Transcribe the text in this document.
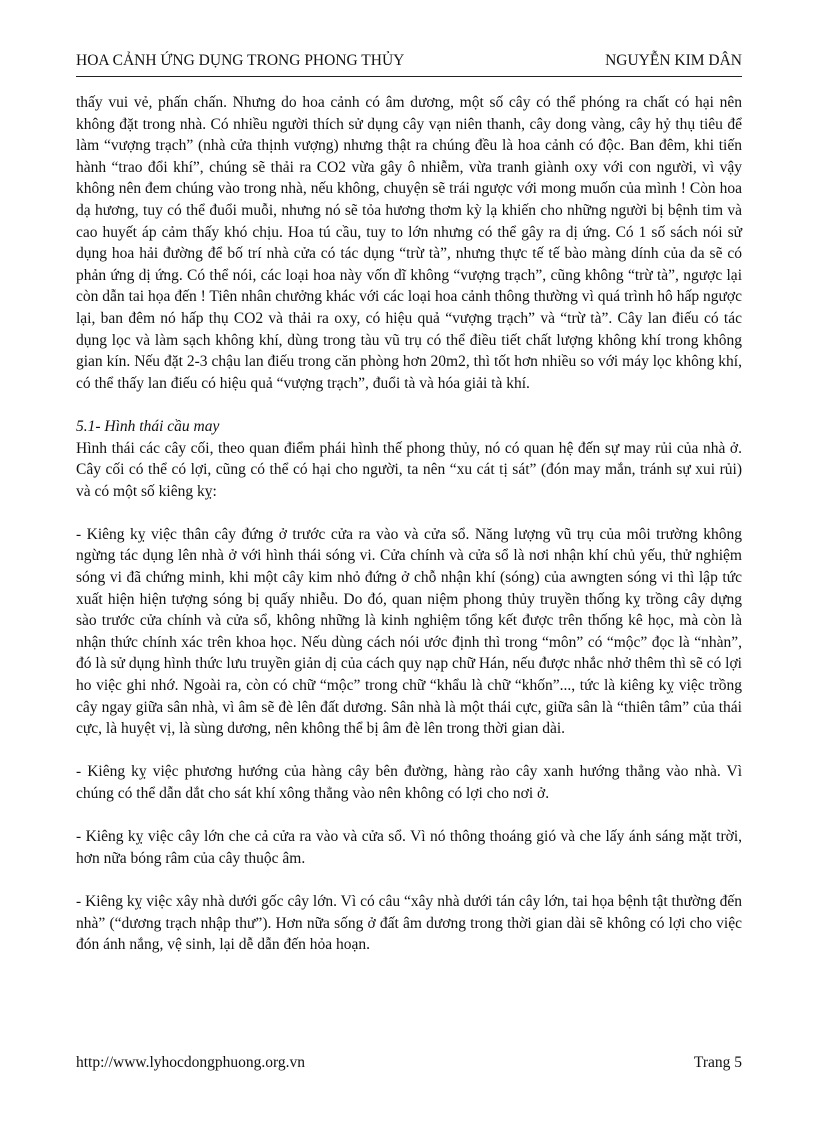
HOA CẢNH ỨNG DỤNG TRONG PHONG THỦY	NGUYỄN KIM DÂN

thấy vui vẻ, phấn chấn. Nhưng do hoa cảnh có âm dương, một số cây có thể phóng ra chất có hại nên không đặt trong nhà. Có nhiều người thích sử dụng cây vạn niên thanh, cây dong vàng, cây hỷ thụ tiêu để làm “vượng trạch” (nhà cửa thịnh vượng) nhưng thật ra chúng đều là hoa cảnh có độc. Ban đêm, khi tiến hành “trao đổi khí”, chúng sẽ thải ra CO2 vừa gây ô nhiễm, vừa tranh giành oxy với con người, vì vậy không nên đem chúng vào trong nhà, nếu không, chuyện sẽ trái ngược với mong muốn của mình ! Còn hoa dạ hương, tuy có thể đuổi muỗi, nhưng nó sẽ tỏa hương thơm kỳ lạ khiến cho những người bị bệnh tim và cao huyết áp cảm thấy khó chịu. Hoa tú cầu, tuy to lớn nhưng có thể gây ra dị ứng. Có 1 số sách nói sử dụng hoa hải đường để bố trí nhà cửa có tác dụng “trừ tà”, nhưng thực tế tế bào màng dính của da sẽ có phản ứng dị ứng. Có thể nói, các loại hoa này vốn dĩ không “vượng trạch”, cũng không “trừ tà”, ngược lại còn dẫn tai họa đến ! Tiên nhân chưởng khác với các loại hoa cảnh thông thường vì quá trình hô hấp ngược lại, ban đêm nó hấp thụ CO2 và thải ra oxy, có hiệu quả “vượng trạch” và “trừ tà”. Cây lan điếu có tác dụng lọc và làm sạch không khí, dùng trong tàu vũ trụ có thể điều tiết chất lượng không khí trong không gian kín. Nếu đặt 2-3 chậu lan điếu trong căn phòng hơn 20m2, thì tốt hơn nhiều so với máy lọc không khí, có thể thấy lan điếu có hiệu quả “vượng trạch”, đuổi tà và hóa giải tà khí.

5.1- Hình thái cầu may

Hình thái các cây cối, theo quan điểm phái hình thế phong thủy, nó có quan hệ đến sự may rủi của nhà ở. Cây cối có thể có lợi, cũng có thể có hại cho người, ta nên “xu cát tị sát” (đón may mắn, tránh sự xui rủi) và có một số kiêng kỵ:

- Kiêng kỵ việc thân cây đứng ở trước cửa ra vào và cửa sổ. Năng lượng vũ trụ của môi trường không ngừng tác dụng lên nhà ở với hình thái sóng vi. Cửa chính và cửa sổ là nơi nhận khí chủ yếu, thử nghiệm sóng vi đã chứng minh, khi một cây kim nhỏ đứng ở chỗ nhận khí (sóng) của awngten sóng vi thì lập tức xuất hiện hiện tượng sóng bị quấy nhiễu. Do đó, quan niệm phong thủy truyền thống kỵ trồng cây dựng sào trước cửa chính và cửa sổ, không những là kinh nghiệm tổng kết được trên thống kê học, mà còn là nhận thức chính xác trên khoa học. Nếu dùng cách nói ước định thì trong “môn” có “mộc” đọc là “nhàn”, đó là sử dụng hình thức lưu truyền giản dị của cách quy nạp chữ Hán, nếu được nhắc nhở thêm thì sẽ có lợi ho việc ghi nhớ. Ngoài ra, còn có chữ “mộc” trong chữ “khẩu là chữ “khốn”..., tức là kiêng kỵ việc trồng cây ngay giữa sân nhà, vì âm sẽ đè lên đất dương. Sân nhà là một thái cực, giữa sân là “thiên tâm” của thái cực, là huyệt vị, là sùng dương, nên không thể bị âm đè lên trong thời gian dài.

- Kiêng kỵ việc phương hướng của hàng cây bên đường, hàng rào cây xanh hướng thẳng vào nhà. Vì chúng có thể dẫn dắt cho sát khí xông thẳng vào nên không có lợi cho nơi ở.

- Kiêng kỵ việc cây lớn che cả cửa ra vào và cửa sổ. Vì nó thông thoáng gió và che lấy ánh sáng mặt trời, hơn nữa bóng râm của cây thuộc âm.

- Kiêng kỵ việc xây nhà dưới gốc cây lớn. Vì có câu “xây nhà dưới tán cây lớn, tai họa bệnh tật thường đến nhà” (“dương trạch nhập thư”). Hơn nữa sống ở đất âm dương trong thời gian dài sẽ không có lợi cho việc đón ánh nắng, vệ sinh, lại dễ dẫn đến hỏa hoạn.

http://www.lyhocdongphuong.org.vn	Trang 5
